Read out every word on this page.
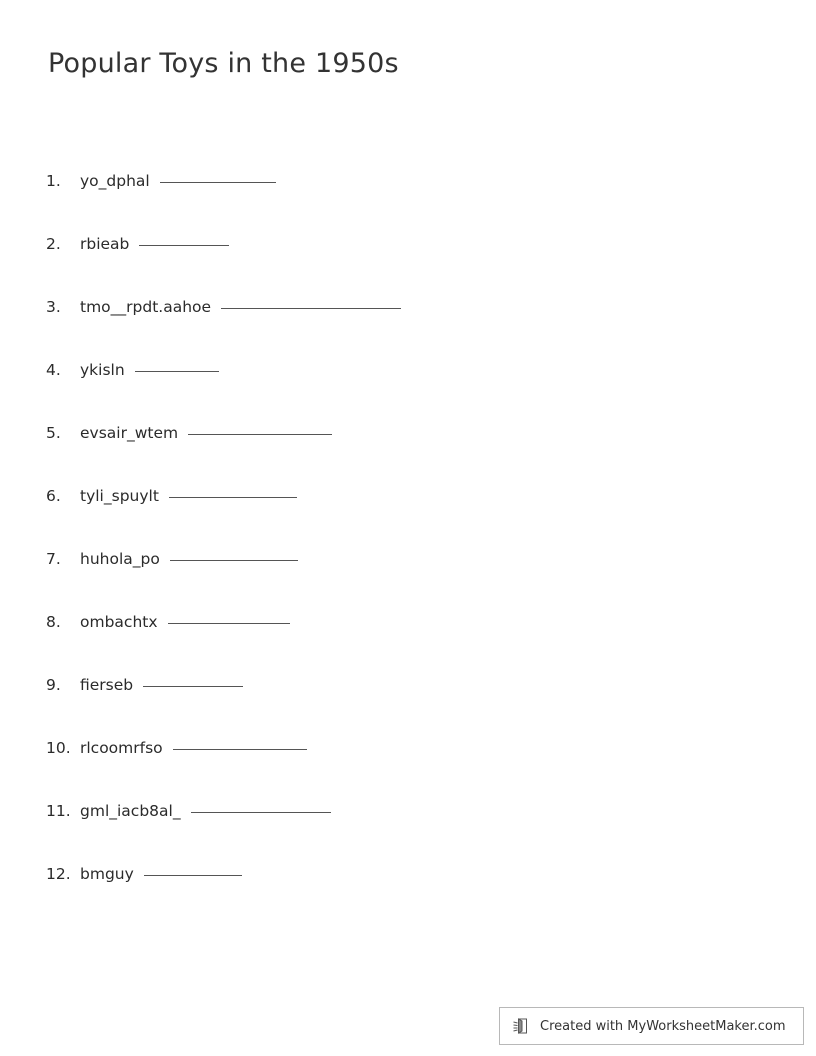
Popular Toys in the 1950s
1.	yo_dphal
2.	rbieab
3.	tmo__rpdt.aahoe
4.	ykisln
5.	evsair_wtem
6.	tyli_spuylt
7.	huhola_po
8.	ombachtx
9.	fierseb
10. rlcoomrfso
11. gml_iacb8al_
12. bmguy
Created with MyWorksheetMaker.com
